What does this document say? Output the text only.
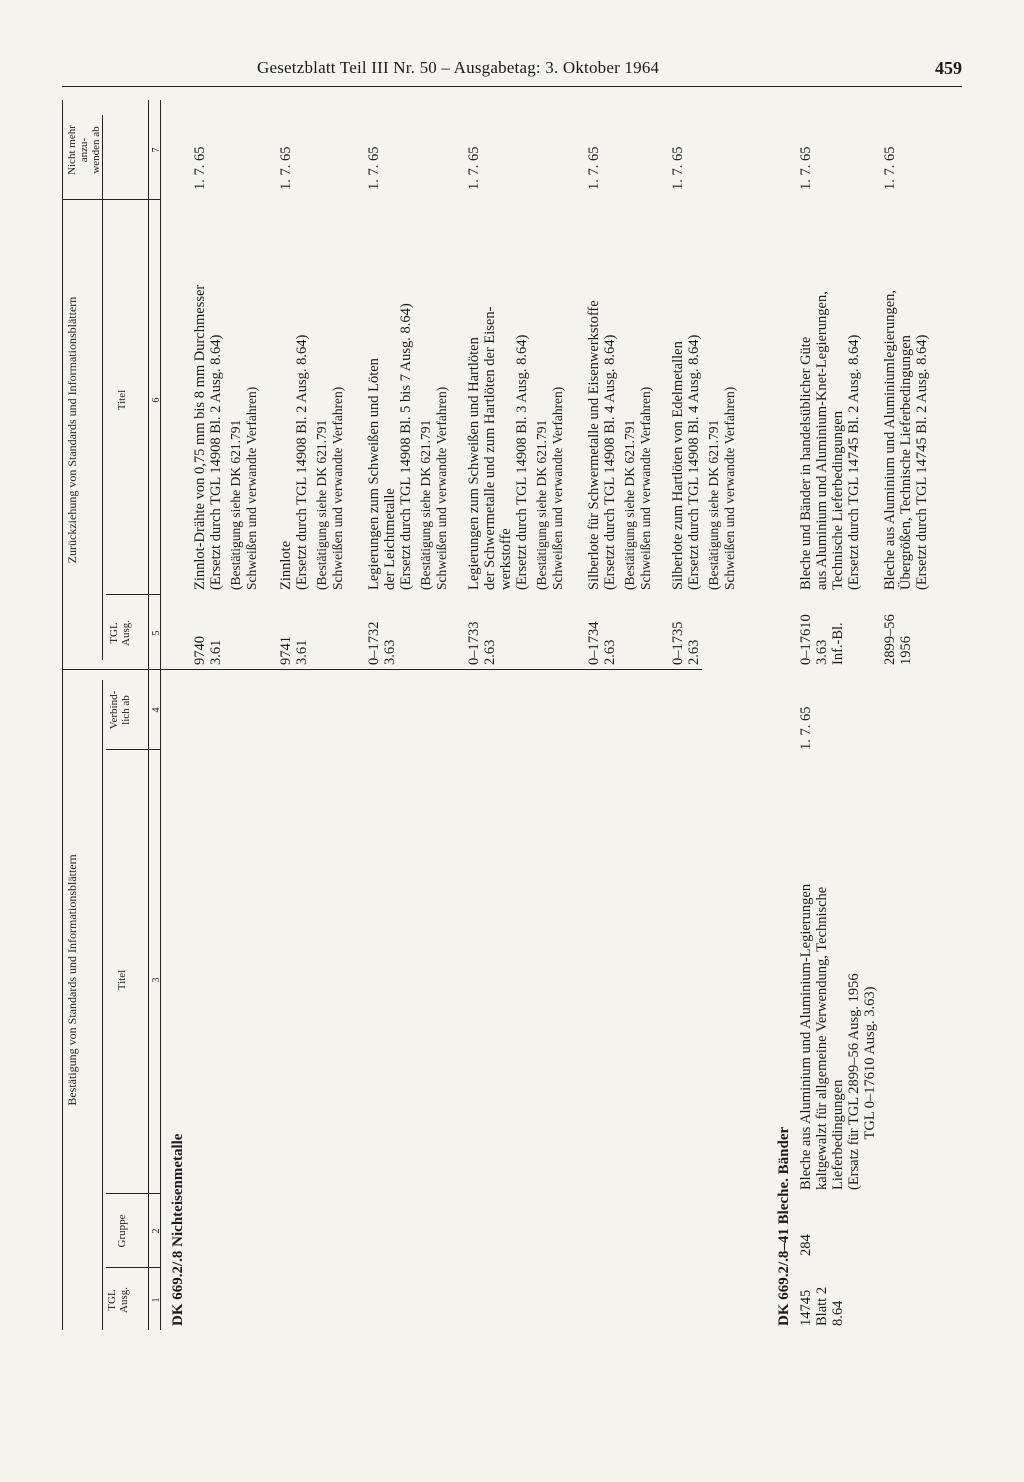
Gesetzblatt Teil III Nr. 50 – Ausgabetag: 3. Oktober 1964	459
Bestätigung von Standards und Informationsblättern
Zurückziehung von Standards und Informationsblättern
TGL
Ausg.
Gruppe
Titel
Verbind-
lich ab
TGL
Ausg.
Titel
Nicht mehr
anzu-
wenden ab
1
2
3
4
5
6
7
DK 669.2/.8 Nichteisenmetalle
9740
3.61
Zinnlot-Drähte von 0,75 mm bis 8 mm Durchmesser
(Ersetzt durch TGL 14908 Bl. 2 Ausg. 8.64)
(Bestätigung siehe DK 621.791
Schweißen und verwandte Verfahren)
1. 7. 65
9741
3.61
Zinnlote
(Ersetzt durch TGL 14908 Bl. 2 Ausg. 8.64)
(Bestätigung siehe DK 621.791
Schweißen und verwandte Verfahren)
1. 7. 65
0–1732
3.63
Legierungen zum Schweißen und Löten
der Leichtmetalle
(Ersetzt durch TGL 14908 Bl. 5 bis 7 Ausg. 8.64)
(Bestätigung siehe DK 621.791
Schweißen und verwandte Verfahren)
1. 7. 65
0–1733
2.63
Legierungen zum Schweißen und Hartlöten
der Schwermetalle und zum Hartlöten der Eisen-
werkstoffe
(Ersetzt durch TGL 14908 Bl. 3 Ausg. 8.64)
(Bestätigung siehe DK 621.791
Schweißen und verwandte Verfahren)
1. 7. 65
0–1734
2.63
Silberlote für Schwermetalle und Eisenwerkstoffe
(Ersetzt durch TGL 14908 Bl. 4 Ausg. 8.64)
(Bestätigung siehe DK 621.791
Schweißen und verwandte Verfahren)
1. 7. 65
0–1735
2.63
Silberlote zum Hartlöten von Edelmetallen
(Ersetzt durch TGL 14908 Bl. 4 Ausg. 8.64)
(Bestätigung siehe DK 621.791
Schweißen und verwandte Verfahren)
1. 7. 65
DK 669.2/.8–41 Bleche. Bänder 14745
Blatt 2
8.64
284
Bleche aus Aluminium und Aluminium-Legierungen
kaltgewalzt für allgemeine Verwendung, Technische
Lieferbedingungen
(Ersatz für TGL 2899–56 Ausg. 1956
TGL 0–17610 Ausg. 3.63)
1. 7. 65
0–17610
3.63
Inf.-Bl.
Bleche und Bänder in handelsüblicher Güte
aus Aluminium und Aluminium-Knet-Legierungen,
Technische Lieferbedingungen
(Ersetzt durch TGL 14745 Bl. 2 Ausg. 8.64)
1. 7. 65
2899–56
1956
Bleche aus Aluminium und Aluminiumlegierungen,
Übergrößen, Technische Lieferbedingungen
(Ersetzt durch TGL 14745 Bl. 2 Ausg. 8.64)
1. 7. 65
